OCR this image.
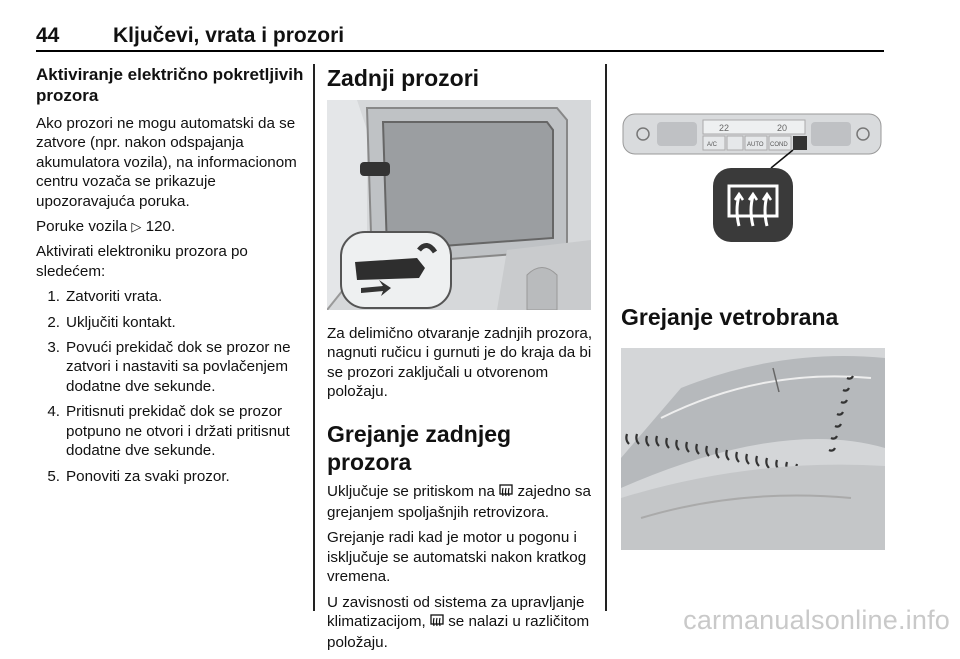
44	Ključevi, vrata i prozori
Aktiviranje električno pokretljivih prozora

Ako prozori ne mogu automatski da se zatvore (npr. nakon odspajanja akumulatora vozila), na informacionom centru vozača se prikazuje upozoravajuća poruka.

Poruke vozila ▷ 120.

Aktivirati elektroniku prozora po sledećem:

1. Zatvoriti vrata.
2. Uključiti kontakt.
3. Povući prekidač dok se prozor ne zatvori i nastaviti sa povlačenjem dodatne dve sekunde.
4. Pritisnuti prekidač dok se prozor potpuno ne otvori i držati pritisnut dodatne dve sekunde.
5. Ponoviti za svaki prozor.
Zadnji prozori

Za delimično otvaranje zadnjih prozora, nagnuti ručicu i gurnuti je do kraja da bi se prozori zaključali u otvorenom položaju.

Grejanje zadnjeg prozora

Uključuje se pritiskom na zajedno sa grejanjem spoljašnjih retrovizora.

Grejanje radi kad je motor u pogonu i isključuje se automatski nakon kratkog vremena.

U zavisnosti od sistema za upravljanje klimatizacijom, se nalazi u različitom položaju.

22	20
A/C	AUTO COND
Grejanje vetrobrana
carmanualsonline.info
